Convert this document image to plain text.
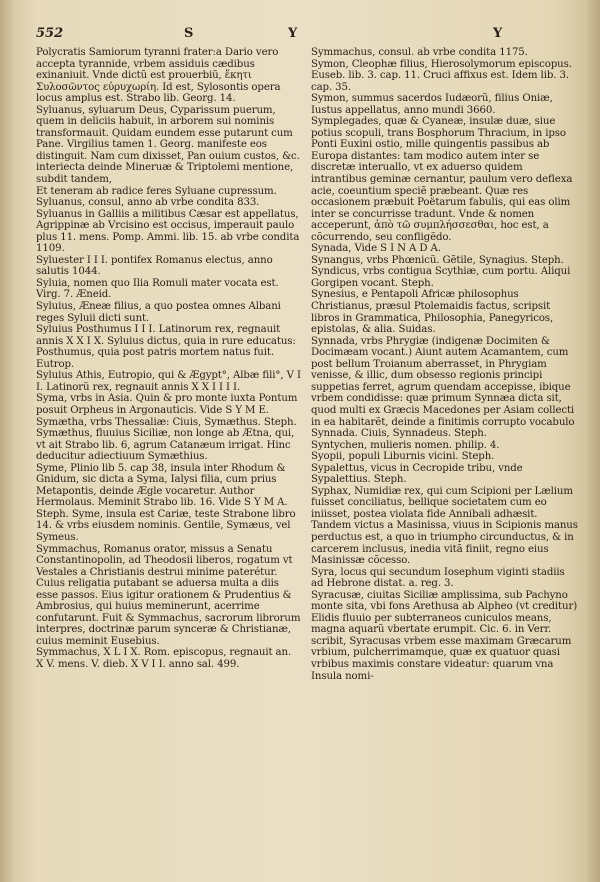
552	S	Y	Y

Polycratis Samiorum tyranni frater:a Dario vero accepta tyrannide, vrbem assiduis cædibus exinaniuit. Vnde dictũ est prouerbiũ, ἕκητι Συλοσῶντος εὐρυχωρίη. Id est, Sylosontis opera locus amplus est. Strabo lib. Georg. 14.

Syluanus, syluarum Deus, Cyparissum puerum, quem in deliciis habuit, in arborem sui nominis transformauit. Quidam eundem esse putarunt cum Pane. Virgilius tamen 1. Georg. manifeste eos distinguit. Nam cum dixisset, Pan ouium custos, &c. interiecta deinde Mineruæ & Triptolemi mentione, subdit tandem,

Et teneram ab radice feres Syluane cupressum.

Syluanus, consul, anno ab vrbe condita 833.

Syluanus in Galliis a militibus Cæsar est appellatus, Agrippinæ ab Vrcisino est occisus, imperauit paulo plus 11. mens. Pomp. Ammi. lib. 15. ab vrbe condita 1109.

Syluester I I I. pontifex Romanus electus, anno salutis 1044.

Syluia, nomen quo Ilia Romuli mater vocata est. Virg. 7. Æneid.

Syluius, Æneæ filius, a quo postea omnes Albani reges Syluii dicti sunt.

Syluius Posthumus I I I. Latinorum rex, regnauit annis X X I X. Syluius dictus, quia in rure educatus: Posthumus, quia post patris mortem natus fuit. Eutrop.

Syluius Athis, Eutropio, qui & Ægypt°, Albæ fili°, V I I. Latinorũ rex, regnauit annis X X I I I I.

Syma, vrbs in Asia. Quin & pro monte iuxta Pontum posuit Orpheus in Argonauticis. Vide S Y M E.

Symætha, vrbs Thessaliæ: Ciuis, Symæthus. Steph.

Symæthus, fluuius Siciliæ, non longe ab Ætna, qui, vt ait Strabo lib. 6, agrum Catanæum irrigat. Hinc deducitur adiectiuum Symæthius.

Syme, Plinio lib 5. cap 38, insula inter Rhodum & Gnidum, sic dicta a Syma, Ialysi filia, cum prius Metapontis, deinde Ægle vocaretur. Author Hermolaus. Meminit Strabo lib. 16. Vide S Y M A. Steph. Syme, insula est Cariæ, teste Strabone libro 14. & vrbs eiusdem nominis. Gentile, Symæus, vel Symeus.

Symmachus, Romanus orator, missus a Senatu Constantinopolin, ad Theodosii liberos, rogatum vt Vestales a Christianis destrui minime paterétur. Cuius religatia putabant se aduersa multa a diis esse passos. Eius igitur orationem & Prudentius & Ambrosius, qui huius meminerunt, acerrime confutarunt. Fuit & Symmachus, sacrorum librorum interpres, doctrinæ parum synceræ & Christianæ, cuius meminit Eusebius.

Symmachus, X L I X. Rom. episcopus, regnauit an. X V. mens. V. dieb. X V I I. anno sal. 499.

Symmachus, consul. ab vrbe condita 1175.

Symon, Cleophæ filius, Hierosolymorum episcopus. Euseb. lib. 3. cap. 11. Cruci affixus est. Idem lib. 3. cap. 35.

Symon, summus sacerdos Iudæorũ, filius Oniæ, Iustus appellatus, anno mundi 3660.

Symplegades, quæ & Cyaneæ, insulæ duæ, siue potius scopuli, trans Bosphorum Thracium, in ipso Ponti Euxini ostio, mille quingentis passibus ab Europa distantes: tam modico autem inter se discretæ interuallo, vt ex aduerso quidem intrantibus geminæ cernantur, paulum vero deflexa acie, coeuntium speciẽ præbeant. Quæ res occasionem præbuit Poëtarum fabulis, qui eas olim inter se concurrisse tradunt. Vnde & nomen acceperunt, ἀπὸ τῶ συμπλήσσεσθαι, hoc est, a cõcurrendo, seu confligẽdo.

Synada, Vide S I N A D A.

Synangus, vrbs Phœnicũ. Gẽtile, Synagius. Steph.

Syndicus, vrbs contigua Scythiæ, cum portu. Aliqui Gorgipen vocant. Steph.

Synesius, e Pentapoli Africæ philosophus Christianus, præsul Ptolemaidis factus, scripsit libros in Grammatica, Philosophia, Panegyricos, epistolas, & alia. Suidas.

Synnada, vrbs Phrygiæ (indigenæ Docimiten & Docimæam vocant.) Aiunt autem Acamantem, cum post bellum Troianum aberrasset, in Phrygiam venisse, & illic, dum obsesso regionis principi suppetias ferret, agrum quendam accepisse, ibique vrbem condidisse: quæ primum Synnæa dicta sit, quod multi ex Græcis Macedones per Asiam collecti in ea habitarẽt, deinde a finitimis corrupto vocabulo Synnada. Ciuis, Synnadeus. Steph.

Syntychen, mulieris nomen. philip. 4.

Syopii, populi Liburnis vicini. Steph.

Sypalettus, vicus in Cecropide tribu, vnde Sypalettius. Steph.

Syphax, Numidiæ rex, qui cum Scipioni per Lælium fuisset conciliatus, bellique societatem cum eo iniisset, postea violata fide Annibali adhæsit. Tandem victus a Masinissa, viuus in Scipionis manus perductus est, a quo in triumpho circunductus, & in carcerem inclusus, inedia vitã finiit, regno eius Masinissæ cõcesso.

Syra, locus qui secundum Iosephum viginti stadiis ad Hebrone distat. a. reg. 3.

Syracusæ, ciuitas Siciliæ amplissima, sub Pachyno monte sita, vbi fons Arethusa ab Alpheo (vt creditur) Elidis fluuio per subterraneos cuniculos means, magna aquarũ vbertate erumpit. Cic. 6. in Verr. scribit, Syracusas vrbem esse maximam Græcarum vrbium, pulcherrimamque, quæ ex quatuor quasi vrbibus maximis constare videatur: quarum vna Insula nomi-
